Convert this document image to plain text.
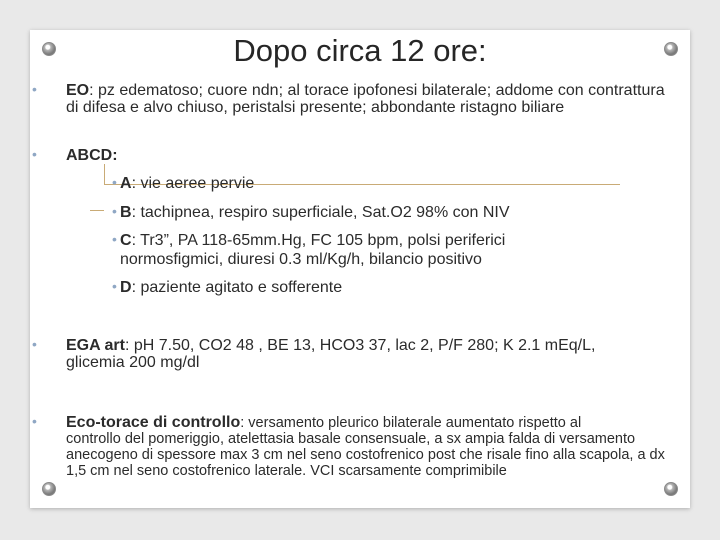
Dopo circa 12 ore:
• EO: pz edematoso; cuore ndn; al torace ipofonesi bilaterale; addome con contrattura di difesa e alvo chiuso, peristalsi presente; abbondante ristagno biliare
• ABCD:
• A: vie aeree pervie
• B: tachipnea, respiro superficiale, Sat.O2 98% con NIV
• C: Tr3”, PA 118-65mm.Hg, FC 105 bpm, polsi periferici normosfigmici, diuresi 0.3 ml/Kg/h, bilancio positivo
• D: paziente agitato e sofferente
• EGA art: pH 7.50, CO2 48 , BE 13, HCO3 37, lac 2, P/F 280; K 2.1 mEq/L, glicemia 200 mg/dl
• Eco-torace di controllo: versamento pleurico bilaterale aumentato rispetto al
controllo del pomeriggio, atelettasia basale consensuale, a sx ampia falda di versamento anecogeno di spessore max 3 cm nel seno costofrenico post che risale fino alla scapola, a dx 1,5 cm nel seno costofrenico laterale. VCI scarsamente comprimibile
